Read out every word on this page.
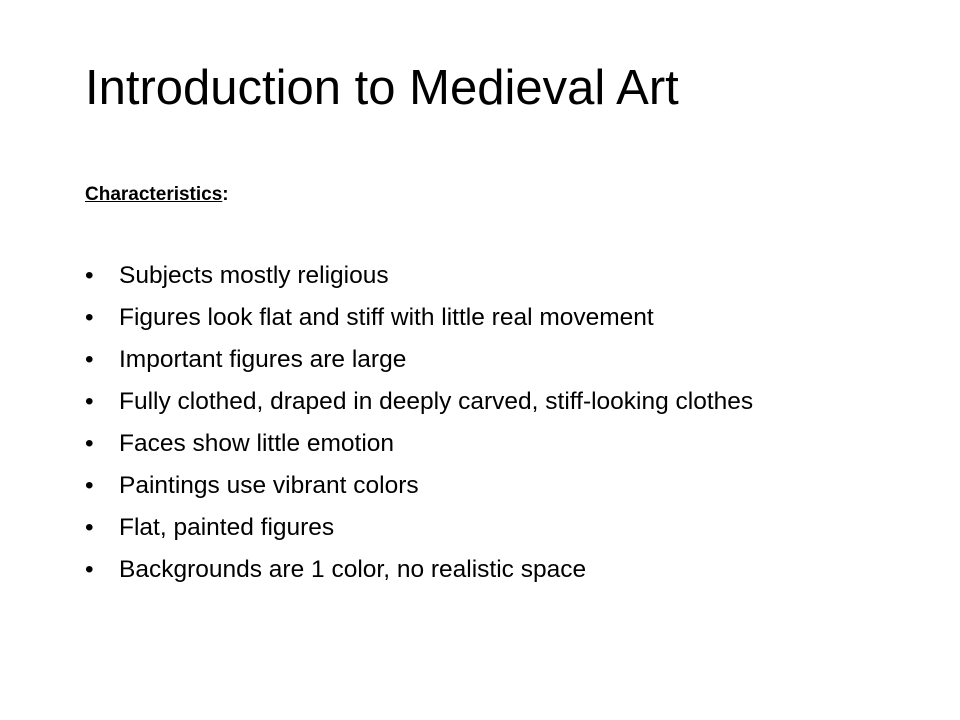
Introduction to Medieval Art

Characteristics:

• Subjects mostly religious
• Figures look flat and stiff with little real movement
• Important figures are large
• Fully clothed, draped in deeply carved, stiff-looking clothes
• Faces show little emotion
• Paintings use vibrant colors
• Flat, painted figures
• Backgrounds are 1 color, no realistic space
